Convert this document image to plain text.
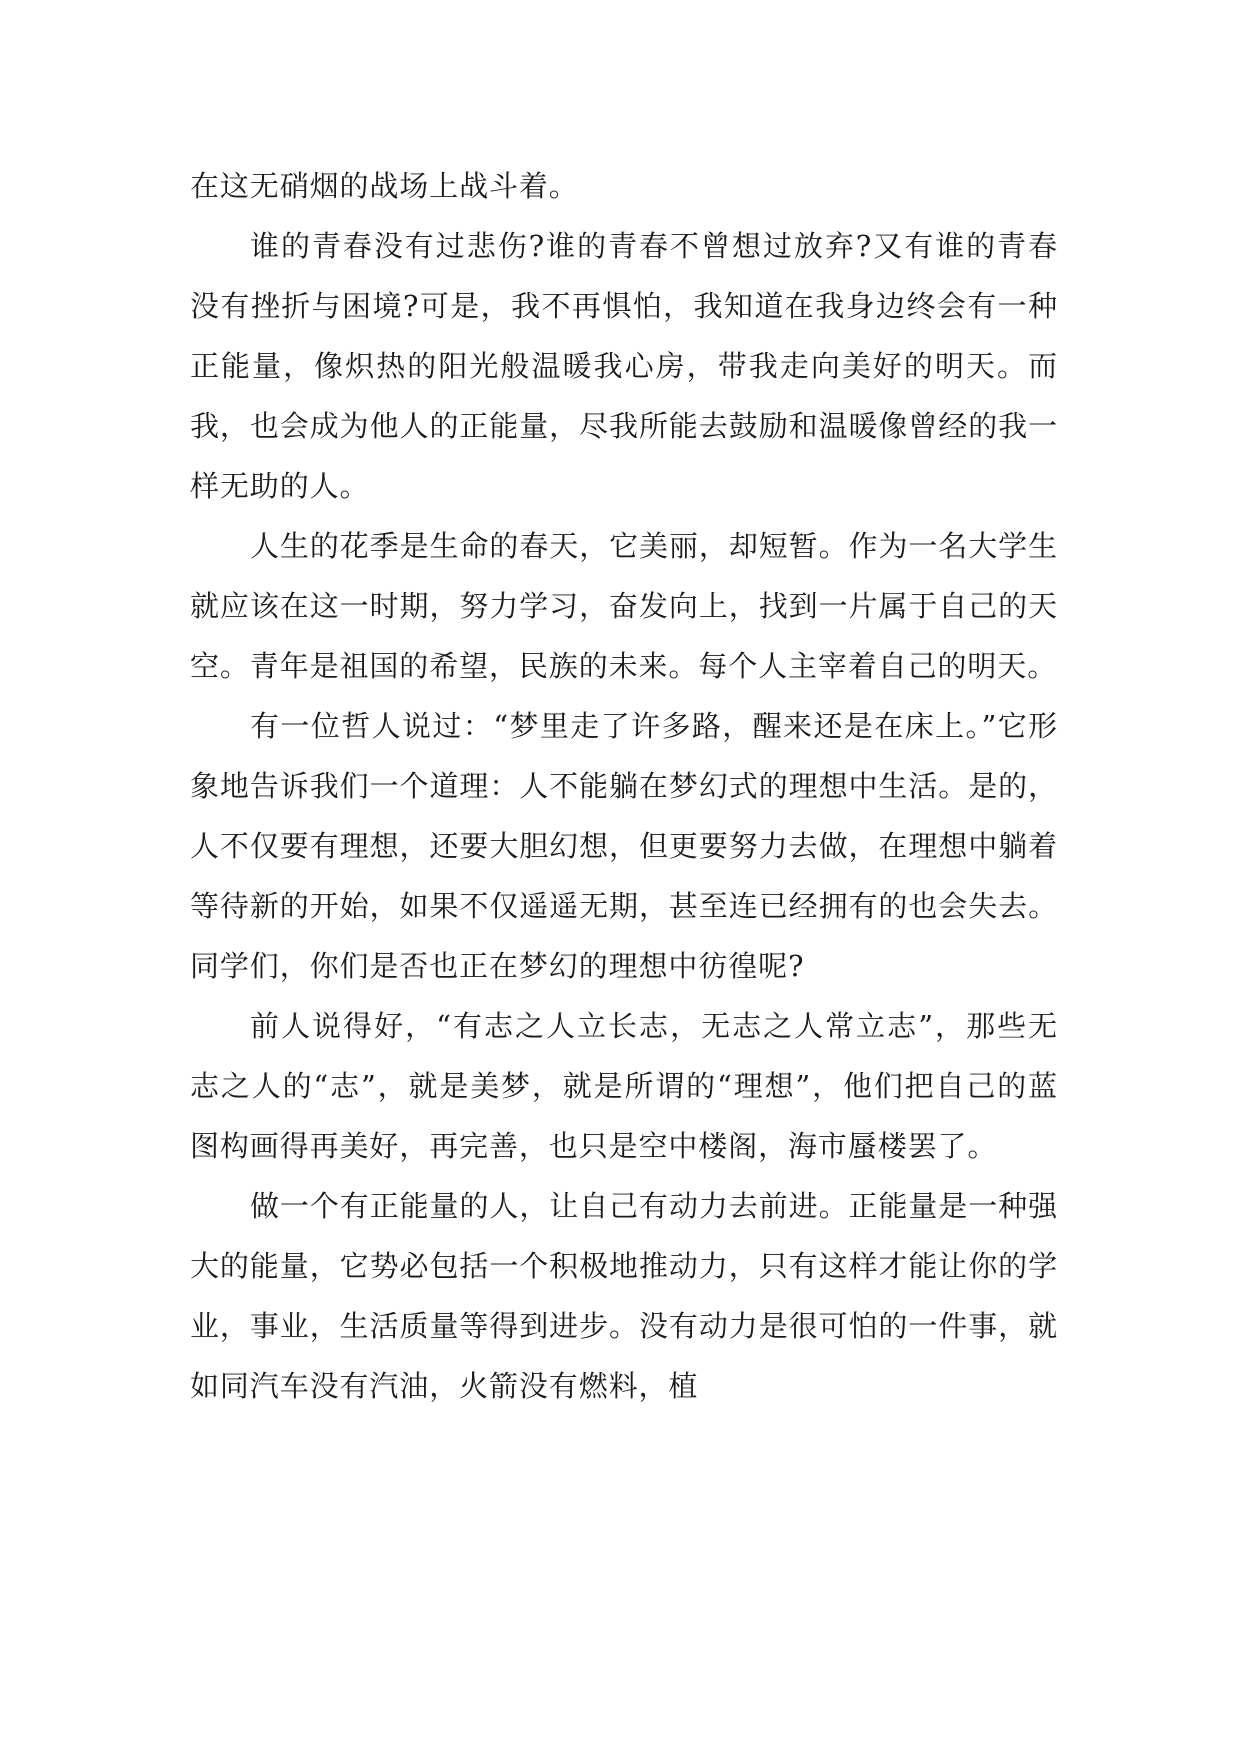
在这无硝烟的战场上战斗着。

谁的青春没有过悲伤?谁的青春不曾想过放弃?又有谁的青春没有挫折与困境?可是，我不再惧怕，我知道在我身边终会有一种正能量，像炽热的阳光般温暖我心房，带我走向美好的明天。而我，也会成为他人的正能量，尽我所能去鼓励和温暖像曾经的我一样无助的人。

人生的花季是生命的春天，它美丽，却短暂。作为一名大学生就应该在这一时期，努力学习，奋发向上，找到一片属于自己的天空。青年是祖国的希望，民族的未来。每个人主宰着自己的明天。

有一位哲人说过：“梦里走了许多路，醒来还是在床上。”它形象地告诉我们一个道理：人不能躺在梦幻式的理想中生活。是的，人不仅要有理想，还要大胆幻想，但更要努力去做，在理想中躺着等待新的开始，如果不仅遥遥无期，甚至连已经拥有的也会失去。同学们，你们是否也正在梦幻的理想中彷徨呢?

前人说得好，“有志之人立长志，无志之人常立志”，那些无志之人的“志”，就是美梦，就是所谓的“理想”，他们把自己的蓝图构画得再美好，再完善，也只是空中楼阁，海市蜃楼罢了。

做一个有正能量的人，让自己有动力去前进。正能量是一种强大的能量，它势必包括一个积极地推动力，只有这样才能让你的学业，事业，生活质量等得到进步。没有动力是很可怕的一件事，就如同汽车没有汽油，火箭没有燃料，植
